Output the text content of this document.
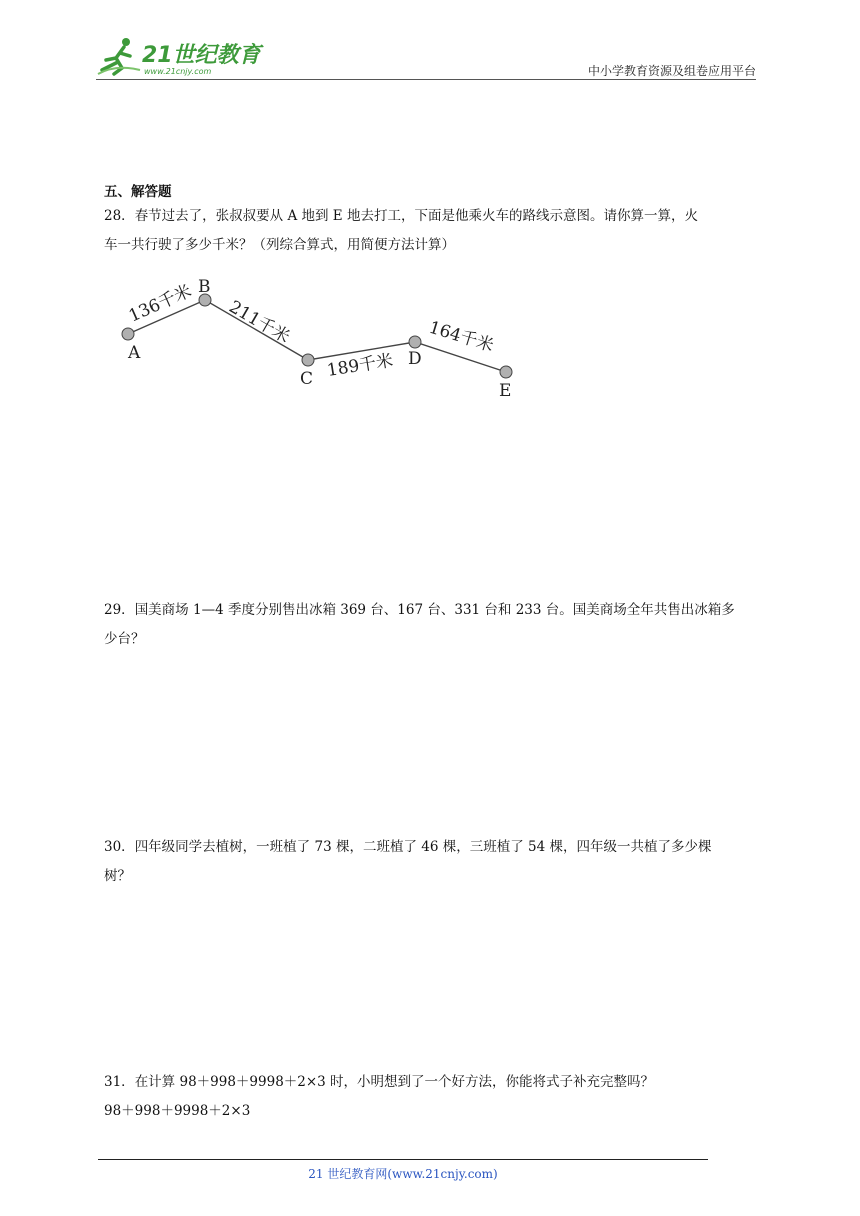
21世纪教育
www.21cnjy.com	中小学教育资源及组卷应用平台
五、解答题

28．春节过去了，张叔叔要从 A 地到 E 地去打工，下面是他乘火车的路线示意图。请你算一算，火

车一共行驶了多少千米？（列综合算式，用简便方法计算）

A
B
C
D
E
136千米 211千米
189千米
164千米

29．国美商场 1—4 季度分别售出冰箱 369 台、167 台、331 台和 233 台。国美商场全年共售出冰箱多

少台？

30．四年级同学去植树，一班植了 73 棵，二班植了 46 棵，三班植了 54 棵，四年级一共植了多少棵

树？

31．在计算 98＋998＋9998＋2×3 时，小明想到了一个好方法，你能将式子补充完整吗？

98＋998＋9998＋2×3

21 世纪教育网(www.21cnjy.com)
